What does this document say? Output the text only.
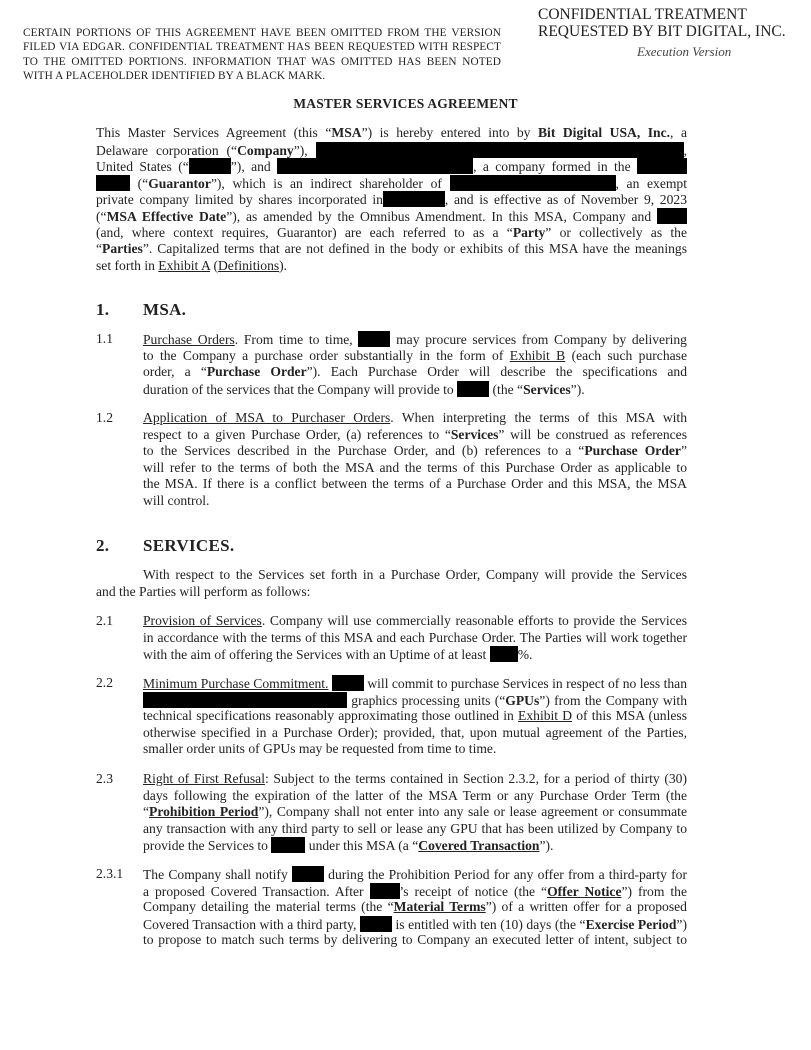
CERTAIN PORTIONS OF THIS AGREEMENT HAVE BEEN OMITTED FROM THE VERSION FILED VIA EDGAR. CONFIDENTIAL TREATMENT HAS BEEN REQUESTED WITH RESPECT TO THE OMITTED PORTIONS. INFORMATION THAT WAS OMITTED HAS BEEN NOTED WITH A PLACEHOLDER IDENTIFIED BY A BLACK MARK.
CONFIDENTIAL TREATMENT
REQUESTED BY BIT DIGITAL, INC.
Execution Version
MASTER SERVICES AGREEMENT
This Master Services Agreement (this “MSA”) is hereby entered into by Bit Digital USA, Inc., a
Delaware corporation (“Company”),	,
United States (“	”), and	, a company formed in the
(“Guarantor”), which is an indirect shareholder of	, an exempt
private company limited by shares incorporated in	, and is effective as of November 9, 2023
(“MSA Effective Date”), as amended by the Omnibus Amendment. In this MSA, Company and
(and, where context requires, Guarantor) are each referred to as a “Party” or collectively as the
“Parties”. Capitalized terms that are not defined in the body or exhibits of this MSA have the meanings
set forth in Exhibit A (Definitions).
1. MSA.
1.1 Purchase Orders. From time to time,	may procure services from Company by delivering
to the Company a purchase order substantially in the form of Exhibit B (each such purchase
order, a “Purchase Order”). Each Purchase Order will describe the specifications and
duration of the services that the Company will provide to	(the “Services”).
1.2 Application of MSA to Purchaser Orders. When interpreting the terms of this MSA with
respect to a given Purchase Order, (a) references to “Services” will be construed as references
to the Services described in the Purchase Order, and (b) references to a “Purchase Order”
will refer to the terms of both the MSA and the terms of this Purchase Order as applicable to
the MSA. If there is a conflict between the terms of a Purchase Order and this MSA, the MSA
will control.
2. SERVICES.
With respect to the Services set forth in a Purchase Order, Company will provide the Services
and the Parties will perform as follows:
2.1 Provision of Services. Company will use commercially reasonable efforts to provide the Services
in accordance with the terms of this MSA and each Purchase Order. The Parties will work together
with the aim of offering the Services with an Uptime of at least %.
2.2 Minimum Purchase Commitment.	will commit to purchase Services in respect of no less than
graphics processing units (“GPUs”) from the Company with
technical specifications reasonably approximating those outlined in Exhibit D of this MSA (unless
otherwise specified in a Purchase Order); provided, that, upon mutual agreement of the Parties,
smaller order units of GPUs may be requested from time to time.
2.3 Right of First Refusal: Subject to the terms contained in Section 2.3.2, for a period of thirty (30)
days following the expiration of the latter of the MSA Term or any Purchase Order Term (the
“Prohibition Period”), Company shall not enter into any sale or lease agreement or consummate
any transaction with any third party to sell or lease any GPU that has been utilized by Company to
provide the Services to	under this MSA (a “Covered Transaction”).
2.3.1 The Company shall notify	during the Prohibition Period for any offer from a third-party for
a proposed Covered Transaction. After	’s receipt of notice (the “Offer Notice”) from the
Company detailing the material terms (the “Material Terms”) of a written offer for a proposed
Covered Transaction with a third party,	is entitled with ten (10) days (the “Exercise Period”)
to propose to match such terms by delivering to Company an executed letter of intent, subject to
